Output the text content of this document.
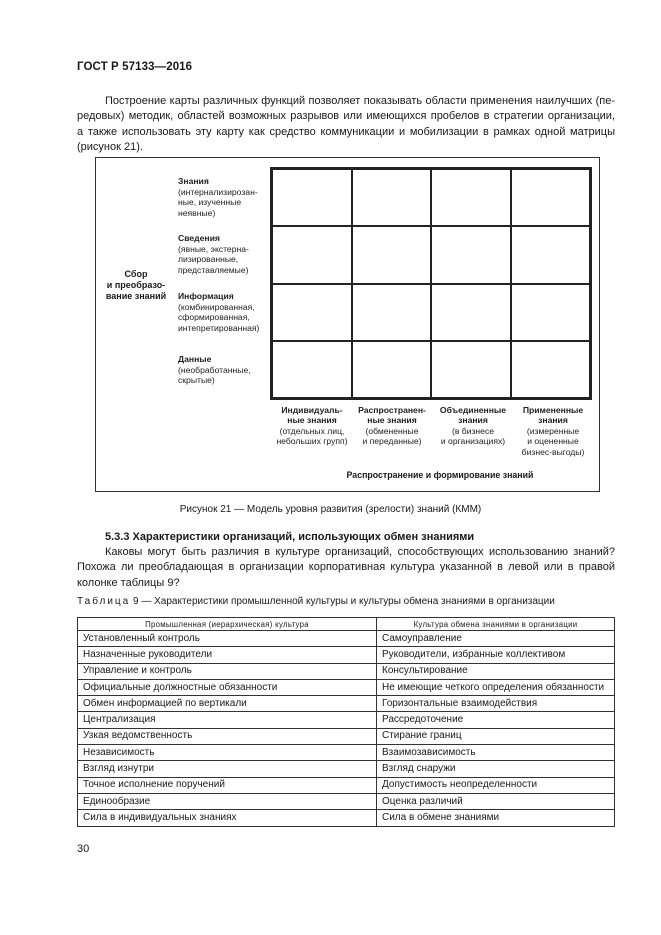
ГОСТ Р 57133—2016

Построение карты различных функций позволяет показывать области применения наилучших (пе-
редовых) методик, областей возможных разрывов или имеющихся пробелов в стратегии организации,
а также использовать эту карту как средство коммуникации и мобилизации в рамках одной матрицы
(рисунок 21).

Сбор
и преобразо-
вание знаний
Знания
(интернализирозан-
ные, изученные
неявные)
Сведения
(явные, экстерна-
лизированные,
представляемые)
Информация
(комбинированная,
сформированная,
интепретированная)
Данные
(необработанные,
скрытые)
Индивидуаль-
ные знания
(отдельных лиц,
небольших групп)
Распространен-
ные знания
(обмененные
и переданные)
Объединенные
знания
(в бизнесе
и организациях)
Примененные
знания
(измеренные
и оцененные
бизнес-выгоды)
Распространение и формирование знаний
Рисунок 21 — Модель уровня развития (зрелости) знаний (КММ)
5.3.3 Характеристики организаций, использующих обмен знаниями

Каковы могут быть различия в культуре организаций, способствующих использованию знаний?
Похожа ли преобладающая в организации корпоративная культура указанной в левой или в правой
колонке таблицы 9?

Таблица 9 — Характеристики промышленной культуры и культуры обмена знаниями в организации
Промышленная (иерархическая) культура	Культура обмена знаниями в организации
Установленный контроль	Самоуправление
Назначенные руководители	Руководители, избранные коллективом
Управление и контроль	Консультирование
Официальные должностные обязанности	Не имеющие четкого определения обязанности
Обмен информацией по вертикали	Горизонтальные взаимодействия
Централизация	Рассредоточение
Узкая ведомственность	Стирание границ
Независимость	Взаимозависимость
Взгляд изнутри	Взгляд снаружи
Точное исполнение поручений	Допустимость неопределенности
Единообразие	Оценка различий
Сила в индивидуальных знаниях	Сила в обмене знаниями
30
